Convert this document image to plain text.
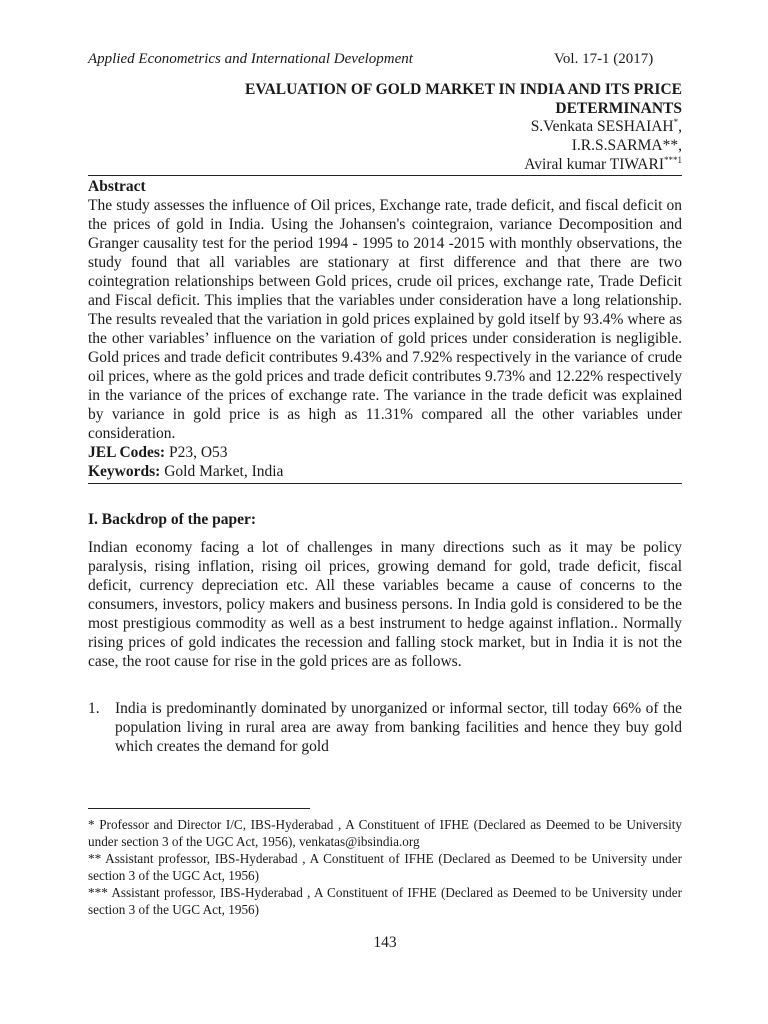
Applied Econometrics and International Development	Vol. 17-1 (2017)
EVALUATION OF GOLD MARKET IN INDIA AND ITS PRICE
DETERMINANTS
S.Venkata SESHAIAH*,
I.R.S.SARMA**,
Aviral kumar TIWARI$^{***1}$
Abstract
The study assesses the influence of Oil prices, Exchange rate, trade deficit, and fiscal deficit on the prices of gold in India. Using the Johansen's cointegraion, variance Decomposition and Granger causality test for the period 1994 - 1995 to 2014 -2015 with monthly observations, the study found that all variables are stationary at first difference and that there are two cointegration relationships between Gold prices, crude oil prices, exchange rate, Trade Deficit and Fiscal deficit. This implies that the variables under consideration have a long relationship. The results revealed that the variation in gold prices explained by gold itself by 93.4% where as the other variables’ influence on the variation of gold prices under consideration is negligible. Gold prices and trade deficit contributes 9.43% and 7.92% respectively in the variance of crude oil prices, where as the gold prices and trade deficit contributes 9.73% and 12.22% respectively in the variance of the prices of exchange rate. The variance in the trade deficit was explained by variance in gold price is as high as 11.31% compared all the other variables under consideration.
JEL Codes: P23, O53
Keywords: Gold Market, India
I. Backdrop of the paper:
Indian economy facing a lot of challenges in many directions such as it may be policy paralysis, rising inflation, rising oil prices, growing demand for gold, trade deficit, fiscal deficit, currency depreciation etc. All these variables became a cause of concerns to the consumers, investors, policy makers and business persons. In India gold is considered to be the most prestigious commodity as well as a best instrument to hedge against inflation.. Normally rising prices of gold indicates the recession and falling stock market, but in India it is not the case, the root cause for rise in the gold prices are as follows.
1. India is predominantly dominated by unorganized or informal sector, till today 66% of the population living in rural area are away from banking facilities and hence they buy gold which creates the demand for gold

* Professor and Director I/C, IBS-Hyderabad , A Constituent of IFHE (Declared as Deemed to be University under section 3 of the UGC Act, 1956), venkatas@ibsindia.org

** Assistant professor, IBS-Hyderabad , A Constituent of IFHE (Declared as Deemed to be University under section 3 of the UGC Act, 1956)

*** Assistant professor, IBS-Hyderabad , A Constituent of IFHE (Declared as Deemed to be University under section 3 of the UGC Act, 1956)

143
